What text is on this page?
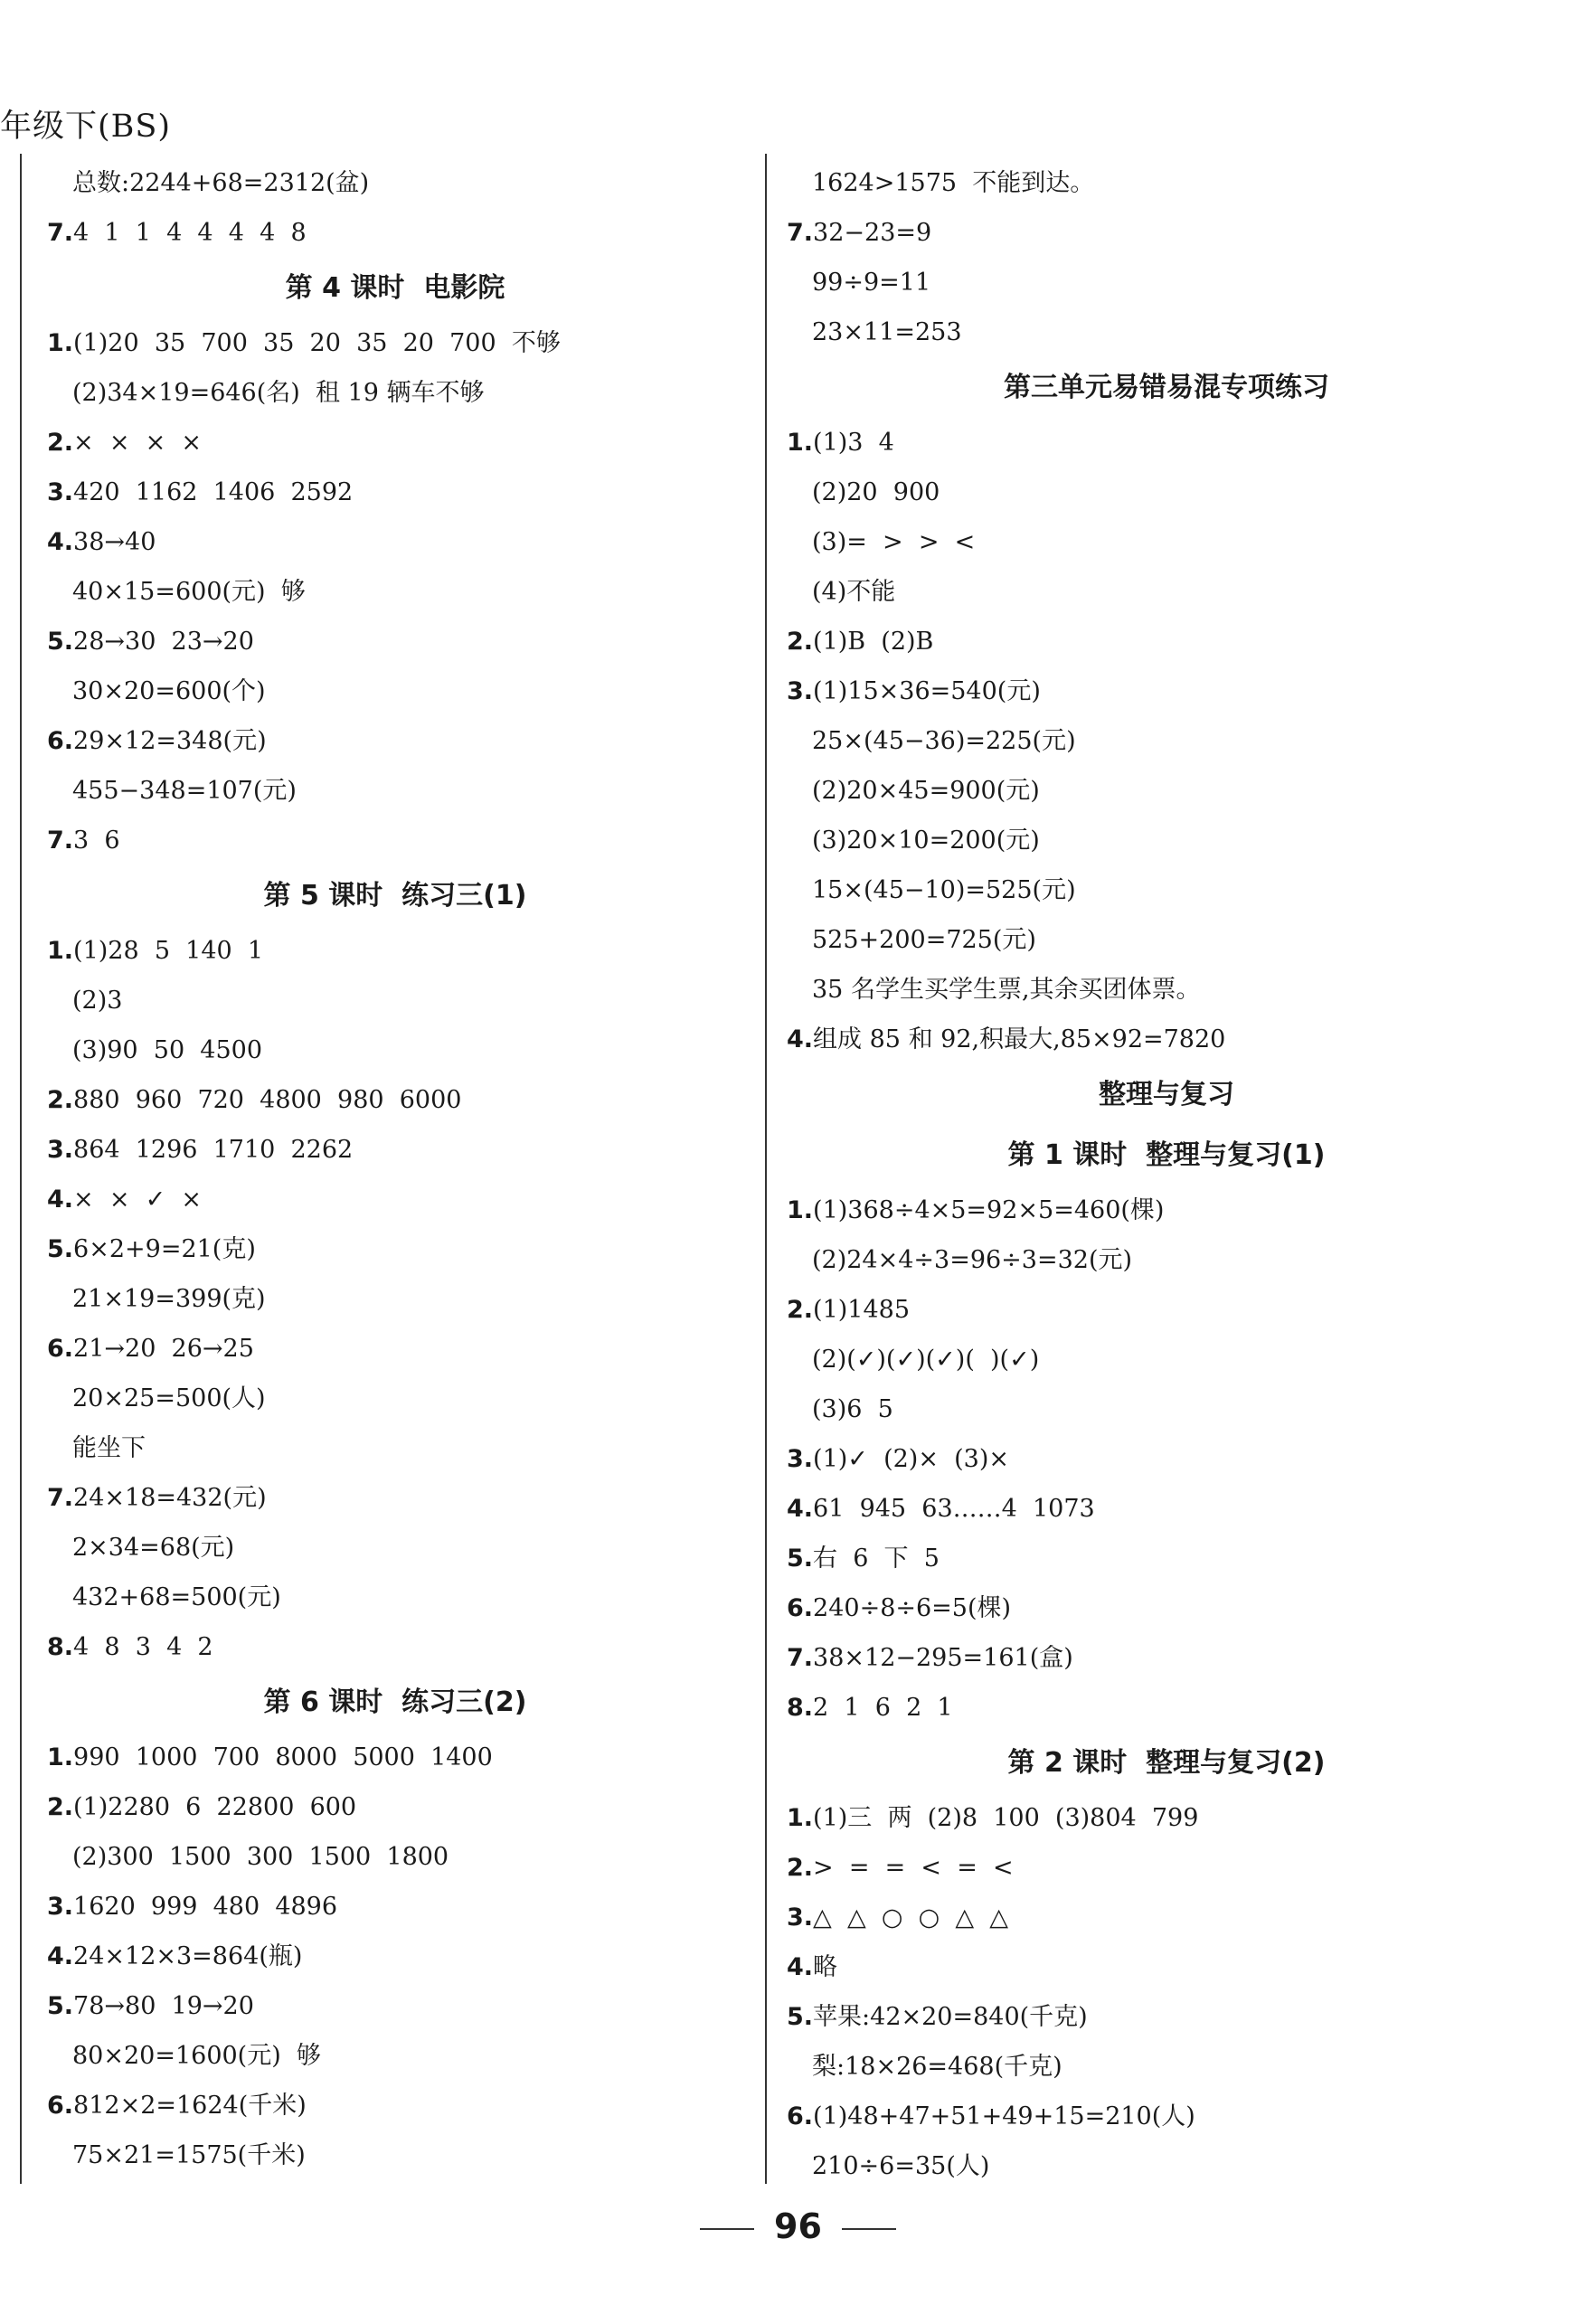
年级下(BS)
总数:2244+68=2312(盆)
7.4  1  1  4  4  4  4  8
第 4 课时  电影院
1.(1)20  35  700  35  20  35  20  700  不够
(2)34×19=646(名)  租 19 辆车不够
2.×  ×  ×  ×
3.420  1162  1406  2592
4.38→40
40×15=600(元)  够
5.28→30  23→20
30×20=600(个)
6.29×12=348(元)
455−348=107(元)
7.3  6
第 5 课时  练习三(1)
1.(1)28  5  140  1
(2)3
(3)90  50  4500
2.880  960  720  4800  980  6000
3.864  1296  1710  2262
4.×  ×  ✓  ×
5.6×2+9=21(克)
21×19=399(克)
6.21→20  26→25
20×25=500(人)
能坐下
7.24×18=432(元)
2×34=68(元)
432+68=500(元)
8.4  8  3  4  2
第 6 课时  练习三(2)
1.990  1000  700  8000  5000  1400
2.(1)2280  6  22800  600
(2)300  1500  300  1500  1800
3.1620  999  480  4896
4.24×12×3=864(瓶)
5.78→80  19→20
80×20=1600(元)  够
6.812×2=1624(千米)
75×21=1575(千米)
1624>1575  不能到达。
7.32−23=9
99÷9=11
23×11=253
第三单元易错易混专项练习
1.(1)3  4
(2)20  900
(3)=  >  >  <
(4)不能
2.(1)B  (2)B
3.(1)15×36=540(元)
25×(45−36)=225(元)
(2)20×45=900(元)
(3)20×10=200(元)
15×(45−10)=525(元)
525+200=725(元)
35 名学生买学生票,其余买团体票。
4.组成 85 和 92,积最大,85×92=7820
整理与复习
第 1 课时  整理与复习(1)
1.(1)368÷4×5=92×5=460(棵)
(2)24×4÷3=96÷3=32(元)
2.(1)1485
(2)(✓)(✓)(✓)(  )(✓)
(3)6  5
3.(1)✓  (2)×  (3)×
4.61  945  63……4  1073
5.右  6  下  5
6.240÷8÷6=5(棵)
7.38×12−295=161(盒)
8.2  1  6  2  1
第 2 课时  整理与复习(2)
1.(1)三  两  (2)8  100  (3)804  799
2.>  =  =  <  =  <
3.△  △  ○  ○  △  △
4.略
5.苹果:42×20=840(千克)
梨:18×26=468(千克)
6.(1)48+47+51+49+15=210(人)
210÷6=35(人)
96
